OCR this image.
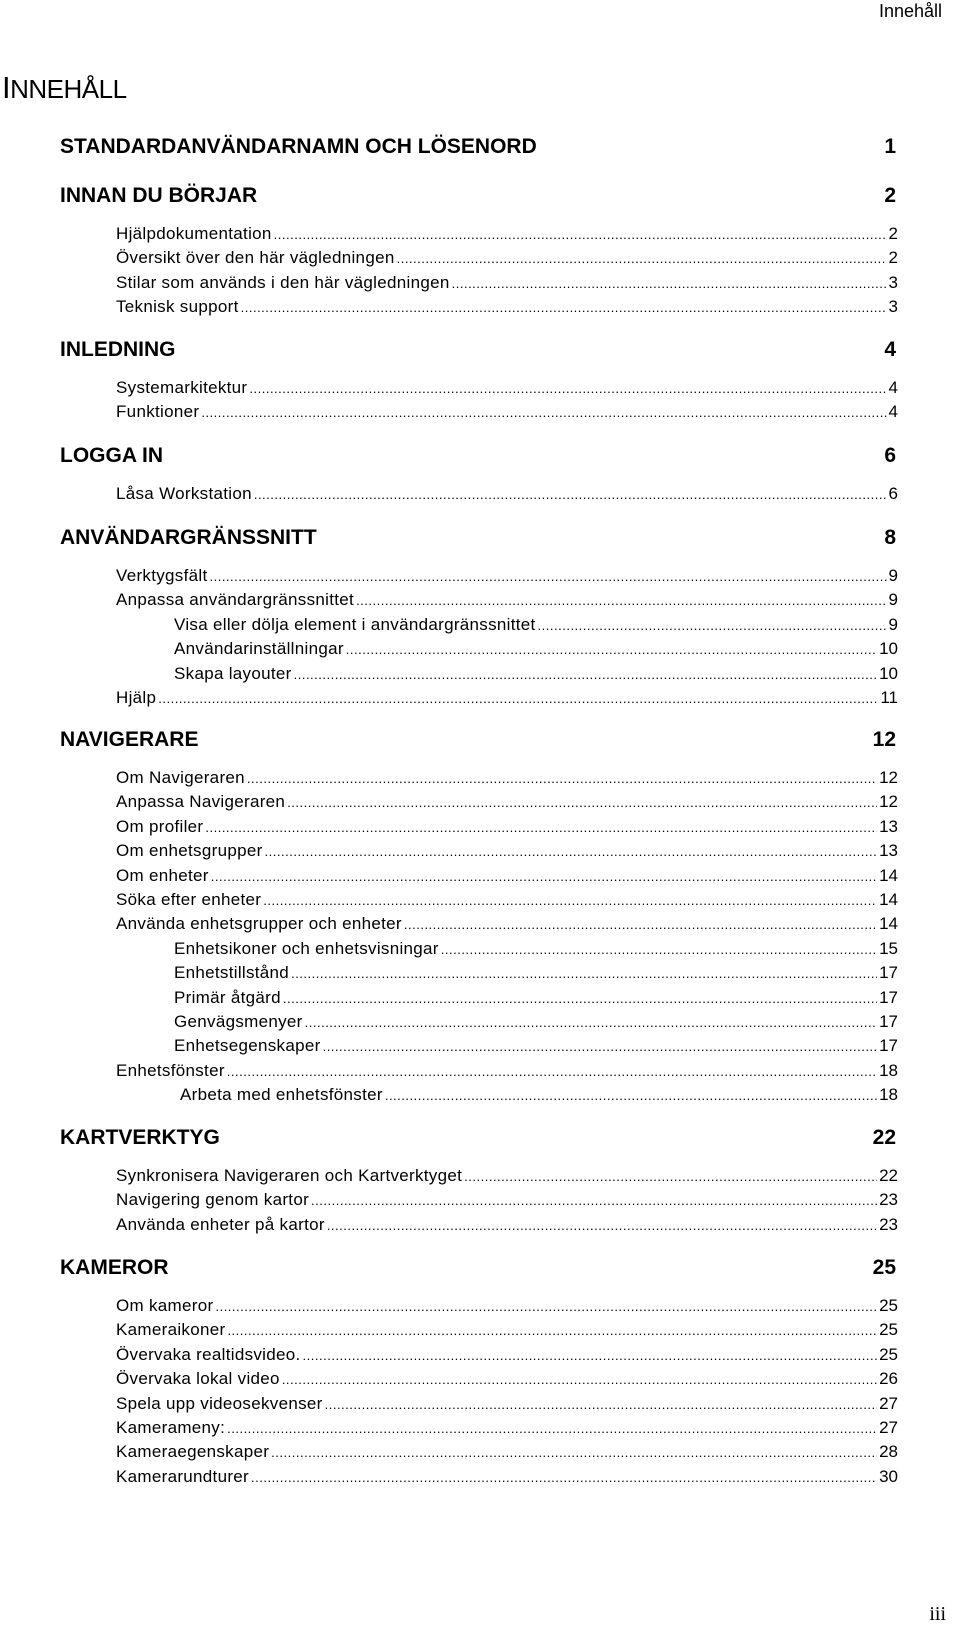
Innehåll
INNEHÅLL
STANDARDANVÄNDARNAMN OCH LÖSENORD	1
INNAN DU BÖRJAR	2
Hjälpdokumentation .....	2
Översikt över den här vägledningen .....	2
Stilar som används i den här vägledningen .....	3
Teknisk support .....	3
INLEDNING	4
Systemarkitektur .....	4
Funktioner .....	4
LOGGA IN	6
Låsa Workstation .....	6
ANVÄNDARGRÄNSSNITT	8
Verktygsfält .....	9
Anpassa användargränssnittet .....	9
Visa eller dölja element i användargränssnittet .....	9
Användarinställningar .....	10
Skapa layouter .....	10
Hjälp .....	11
NAVIGERARE	12
Om Navigeraren .....	12
Anpassa Navigeraren .....	12
Om profiler .....	13
Om enhetsgrupper .....	13
Om enheter .....	14
Söka efter enheter .....	14
Använda enhetsgrupper och enheter .....	14
Enhetsikoner och enhetsvisningar .....	15
Enhetstillstånd .....	17
Primär åtgärd .....	17
Genvägsmenyer .....	17
Enhetsegenskaper .....	17
Enhetsfönster .....	18
Arbeta med enhetsfönster .....	18
KARTVERKTYG	22
Synkronisera Navigeraren och Kartverktyget .....	22
Navigering genom kartor .....	23
Använda enheter på kartor .....	23
KAMEROR	25
Om kameror .....	25
Kameraikoner .....	25
Övervaka realtidsvideo. .....	25
Övervaka lokal video .....	26
Spela upp videosekvenser .....	27
Kamerameny: .....	27
Kameraegenskaper .....	28
Kamerarundturer .....	30
iii
